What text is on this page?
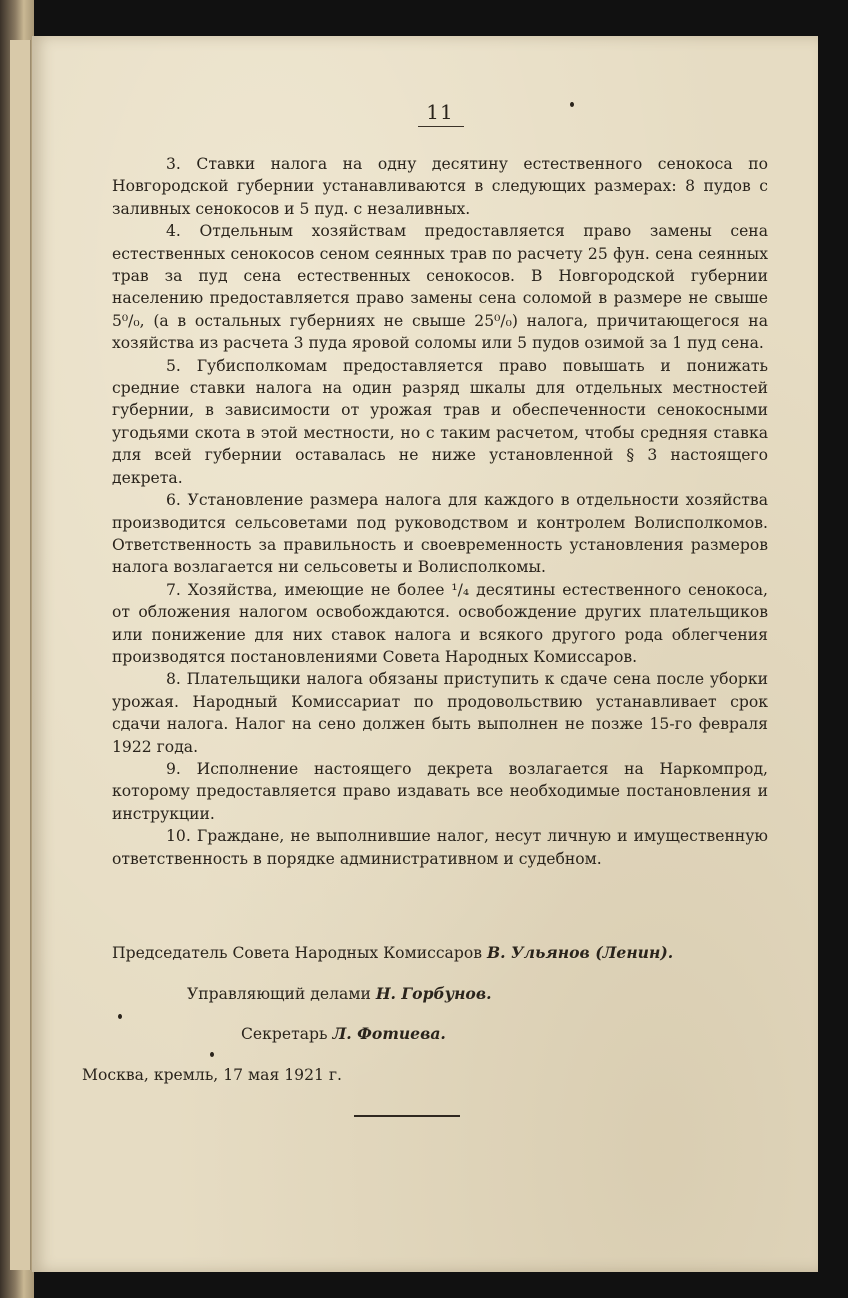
11

3. Ставки налога на одну десятину естественного сенокоса по Новгородской губернии устанавливаются в следующих размерах: 8 пудов с заливных сенокосов и 5 пуд. с незаливных.

4. Отдельным хозяйствам предоставляется право замены сена естественных сенокосов сеном сеянных трав по расчету 25 фун. сена сеянных трав за пуд сена естественных сенокосов. В Новгородской губернии населению предоставляется право замены сена соломой в размере не свыше 5⁰/₀, (а в остальных губерниях не свыше 25⁰/₀) налога, причитающегося на хозяйства из расчета 3 пуда яровой соломы или 5 пудов озимой за 1 пуд сена.

5. Губисполкомам предоставляется право повышать и понижать средние ставки налога на один разряд шкалы для отдельных местностей губернии, в зависимости от урожая трав и обеспеченности сенокосными угодьями скота в этой местности, но с таким расчетом, чтобы средняя ставка для всей губернии оставалась не ниже установленной § 3 настоящего декрета.

6. Установление размера налога для каждого в отдельности хозяйства производится сельсоветами под руководством и контролем Волисполкомов. Ответственность за правильность и своевременность установления размеров налога возлагается ни сельсоветы и Волисполкомы.

7. Хозяйства, имеющие не более ¹/₄ десятины естественного сенокоса, от обложения налогом освобождаются. освобождение других плательщиков или понижение для них ставок налога и всякого другого рода облегчения производятся постановлениями Совета Народных Комиссаров.

8. Плательщики налога обязаны приступить к сдаче сена после уборки урожая. Народный Комиссариат по продовольствию устанавливает срок сдачи налога. Налог на сено должен быть выполнен не позже 15-го февраля 1922 года.

9. Исполнение настоящего декрета возлагается на Наркомпрод, которому предоставляется право издавать все необходимые постановления и инструкции.

10. Граждане, не выполнившие налог, несут личную и имущественную ответственность в порядке административном и судебном.

Председатель Совета Народных Комиссаров В. Ульянов (Ленин).
Управляющий делами Н. Горбунов.
Секретарь Л. Фотиева.
Москва, кремль, 17 мая 1921 г.
